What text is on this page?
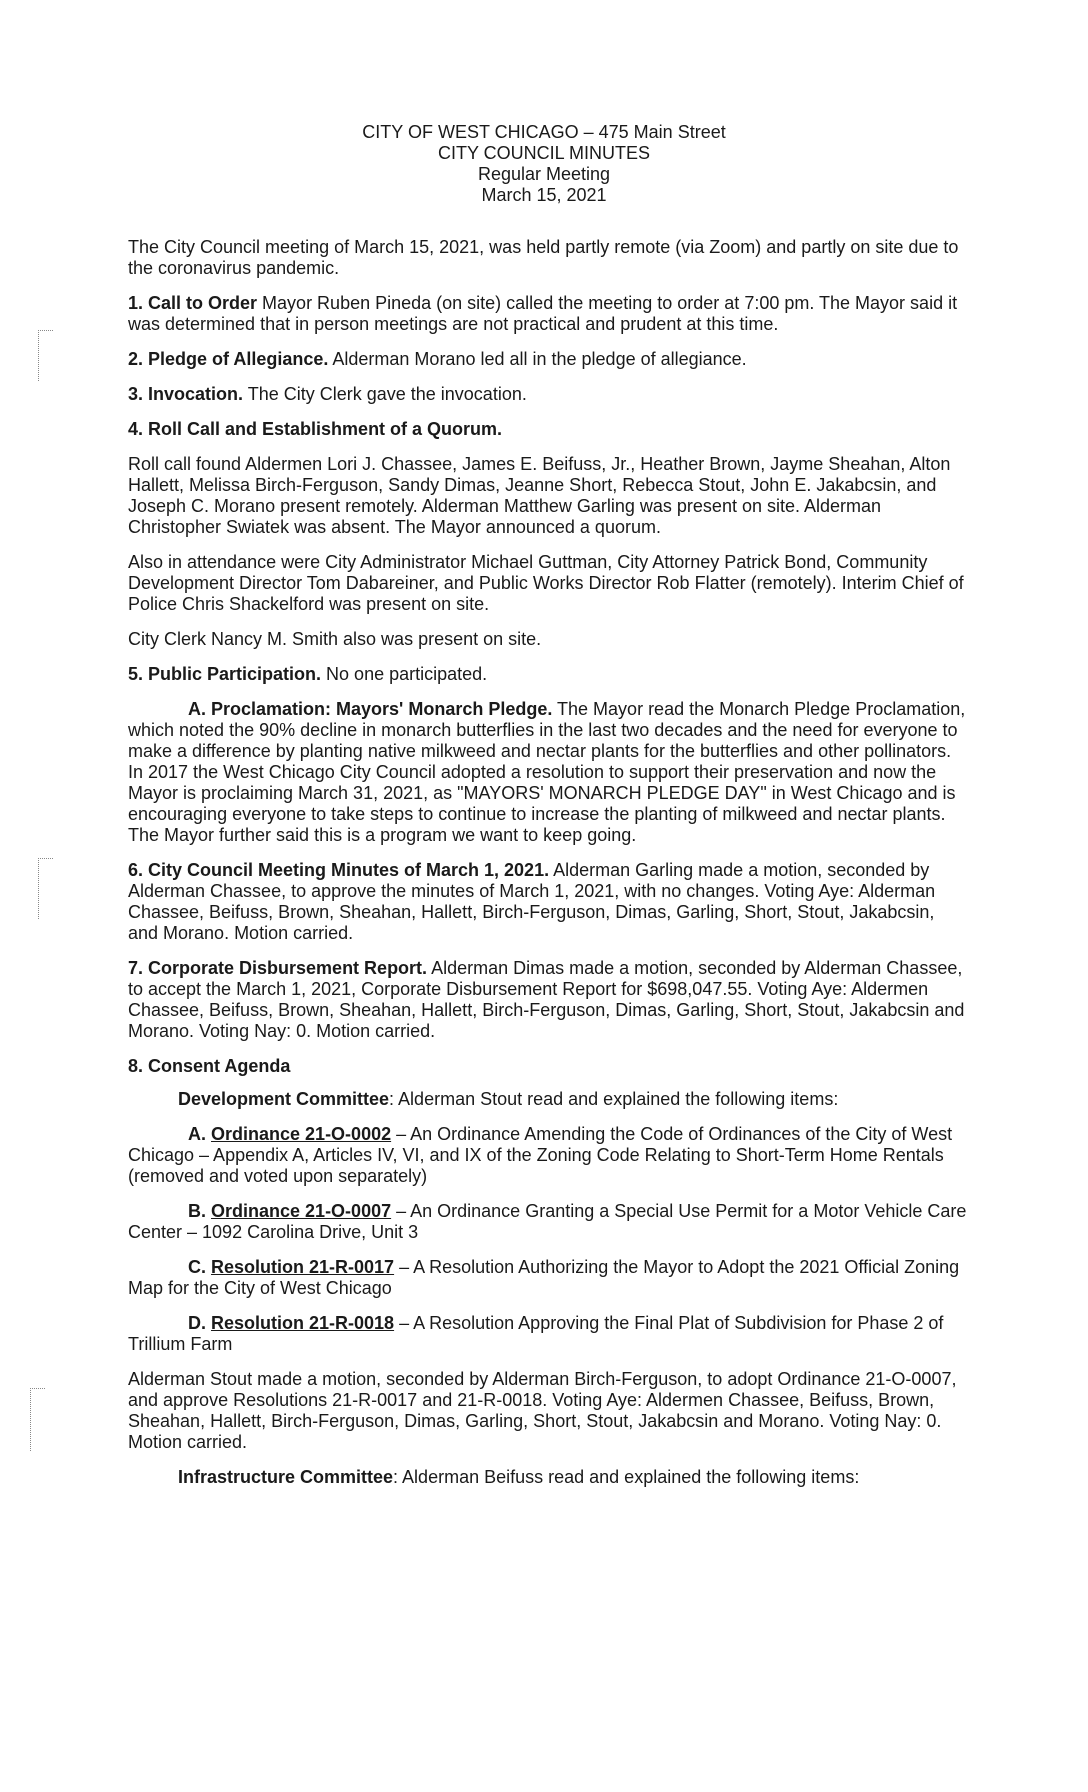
CITY OF WEST CHICAGO – 475 Main Street
CITY COUNCIL MINUTES
Regular Meeting
March 15, 2021

The City Council meeting of March 15, 2021, was held partly remote (via Zoom) and partly on site due to the coronavirus pandemic.

1. Call to Order Mayor Ruben Pineda (on site) called the meeting to order at 7:00 pm. The Mayor said it was determined that in person meetings are not practical and prudent at this time.

2. Pledge of Allegiance. Alderman Morano led all in the pledge of allegiance.

3. Invocation. The City Clerk gave the invocation.

4. Roll Call and Establishment of a Quorum.

Roll call found Aldermen Lori J. Chassee, James E. Beifuss, Jr., Heather Brown, Jayme Sheahan, Alton Hallett, Melissa Birch-Ferguson, Sandy Dimas, Jeanne Short, Rebecca Stout, John E. Jakabcsin, and Joseph C. Morano present remotely. Alderman Matthew Garling was present on site. Alderman Christopher Swiatek was absent. The Mayor announced a quorum.

Also in attendance were City Administrator Michael Guttman, City Attorney Patrick Bond, Community Development Director Tom Dabareiner, and Public Works Director Rob Flatter (remotely). Interim Chief of Police Chris Shackelford was present on site.

City Clerk Nancy M. Smith also was present on site.

5. Public Participation. No one participated.

A. Proclamation: Mayors' Monarch Pledge. The Mayor read the Monarch Pledge Proclamation, which noted the 90% decline in monarch butterflies in the last two decades and the need for everyone to make a difference by planting native milkweed and nectar plants for the butterflies and other pollinators. In 2017 the West Chicago City Council adopted a resolution to support their preservation and now the Mayor is proclaiming March 31, 2021, as "MAYORS' MONARCH PLEDGE DAY" in West Chicago and is encouraging everyone to take steps to continue to increase the planting of milkweed and nectar plants. The Mayor further said this is a program we want to keep going.

6. City Council Meeting Minutes of March 1, 2021. Alderman Garling made a motion, seconded by Alderman Chassee, to approve the minutes of March 1, 2021, with no changes. Voting Aye: Alderman Chassee, Beifuss, Brown, Sheahan, Hallett, Birch-Ferguson, Dimas, Garling, Short, Stout, Jakabcsin, and Morano. Motion carried.

7. Corporate Disbursement Report. Alderman Dimas made a motion, seconded by Alderman Chassee, to accept the March 1, 2021, Corporate Disbursement Report for $698,047.55. Voting Aye: Aldermen Chassee, Beifuss, Brown, Sheahan, Hallett, Birch-Ferguson, Dimas, Garling, Short, Stout, Jakabcsin and Morano. Voting Nay: 0. Motion carried.

8. Consent Agenda

Development Committee: Alderman Stout read and explained the following items:

A. Ordinance 21-O-0002 – An Ordinance Amending the Code of Ordinances of the City of West Chicago – Appendix A, Articles IV, VI, and IX of the Zoning Code Relating to Short-Term Home Rentals (removed and voted upon separately)

B. Ordinance 21-O-0007 – An Ordinance Granting a Special Use Permit for a Motor Vehicle Care Center – 1092 Carolina Drive, Unit 3

C. Resolution 21-R-0017 – A Resolution Authorizing the Mayor to Adopt the 2021 Official Zoning Map for the City of West Chicago

D. Resolution 21-R-0018 – A Resolution Approving the Final Plat of Subdivision for Phase 2 of Trillium Farm

Alderman Stout made a motion, seconded by Alderman Birch-Ferguson, to adopt Ordinance 21-O-0007, and approve Resolutions 21-R-0017 and 21-R-0018. Voting Aye: Aldermen Chassee, Beifuss, Brown, Sheahan, Hallett, Birch-Ferguson, Dimas, Garling, Short, Stout, Jakabcsin and Morano. Voting Nay: 0. Motion carried.

Infrastructure Committee: Alderman Beifuss read and explained the following items:
